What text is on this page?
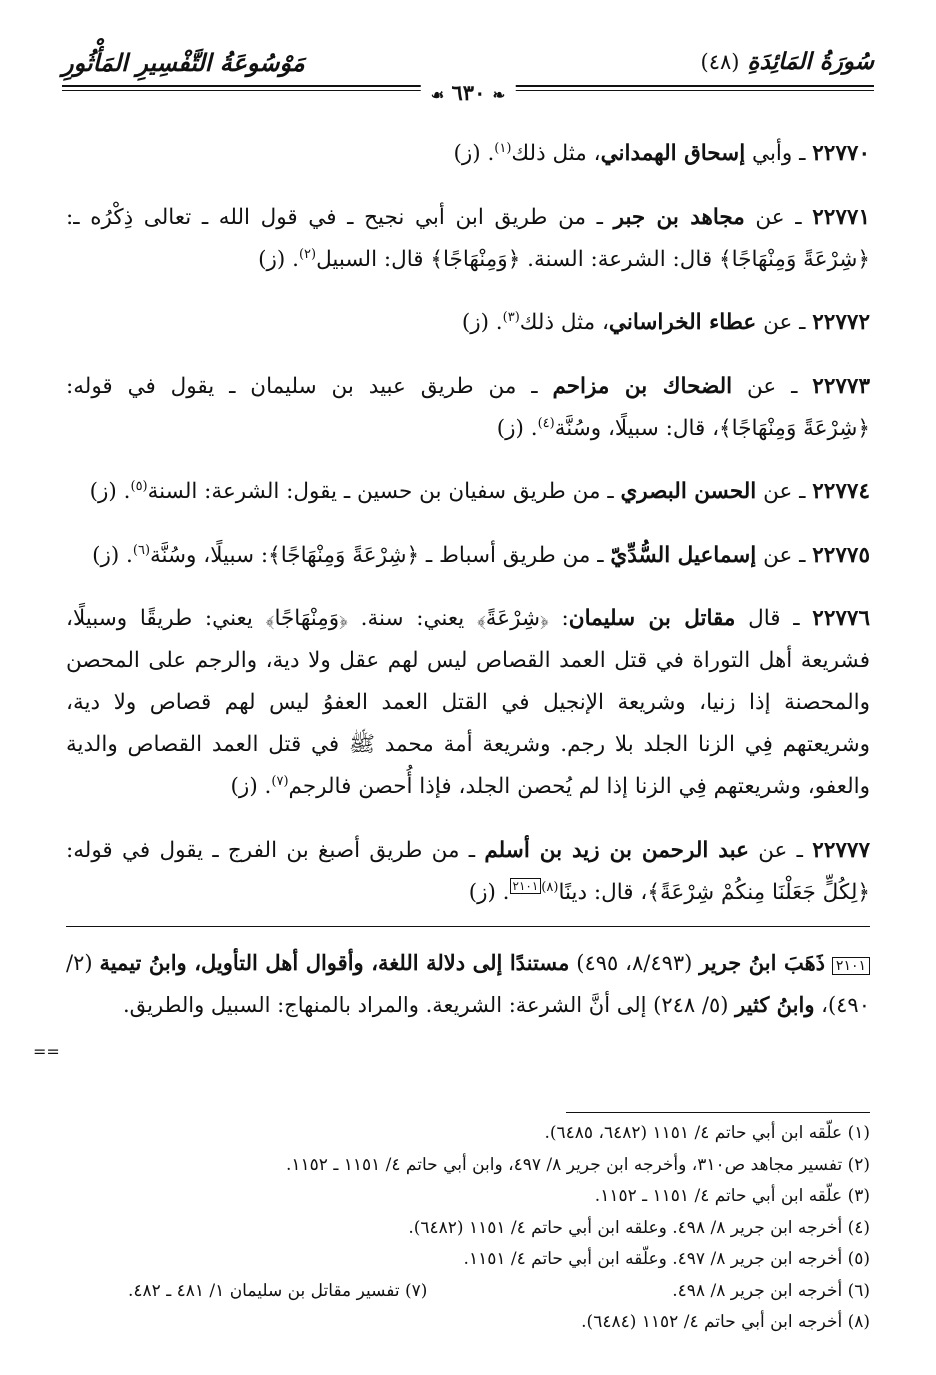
سُورَةُ المَائِدَةِ(٤٨)
مَوْسُوعَةُ التَّفْسِيرِ المَأْثُورِ
❧ ٦٣٠ ☙

٢٢٧٧٠ ـ وأبي إسحاق الهمداني، مثل ذلك$^{(١)}$. (ز)

٢٢٧٧١ ـ عن مجاهد بن جبر ـ من طريق ابن أبي نجيح ـ في قول الله ـ تعالى ذِكْرُه ـ: ﴿شِرْعَةً وَمِنْهَاجًا﴾ قال: الشرعة: السنة. ﴿وَمِنْهَاجًا﴾ قال: السبيل$^{(٢)}$. (ز)

٢٢٧٧٢ ـ عن عطاء الخراساني، مثل ذلك$^{(٣)}$. (ز)

٢٢٧٧٣ ـ عن الضحاك بن مزاحم ـ من طريق عبيد بن سليمان ـ يقول في قوله: ﴿شِرْعَةً وَمِنْهَاجًا﴾، قال: سبيلًا، وسُنَّة$^{(٤)}$. (ز)

٢٢٧٧٤ ـ عن الحسن البصري ـ من طريق سفيان بن حسين ـ يقول: الشرعة: السنة$^{(٥)}$. (ز)

٢٢٧٧٥ ـ عن إسماعيل السُّدِّيّ ـ من طريق أسباط ـ ﴿شِرْعَةً وَمِنْهَاجًا﴾: سبيلًا، وسُنَّة$^{(٦)}$. (ز)

٢٢٧٧٦ ـ قال مقاتل بن سليمان: ﴿شِرْعَةً﴾ يعني: سنة. ﴿وَمِنْهَاجًا﴾ يعني: طريقًا وسبيلًا، فشريعة أهل التوراة في قتل العمد القصاص ليس لهم عقل ولا دية، والرجم على المحصن والمحصنة إذا زنيا، وشريعة الإنجيل في القتل العمد العفوُ ليس لهم قصاص ولا دية، وشريعتهم فِي الزنا الجلد بلا رجم. وشريعة أمة محمد ﷺ في قتل العمد القصاص والدية والعفو، وشريعتهم فِي الزنا إذا لم يُحصن الجلد، فإذا أُحصن فالرجم$^{(٧)}$. (ز)

٢٢٧٧٧ ـ عن عبد الرحمن بن زيد بن أسلم ـ من طريق أصبغ بن الفرج ـ يقول في قوله: ﴿لِكُلٍّ جَعَلْنَا مِنكُمْ شِرْعَةً﴾، قال: دينًا$^{(٨)٢١٠١}$. (ز)

٢١٠١ ذَهَبَ ابنُ جرير (٨/٤٩٣، ٤٩٥) مستندًا إلى دلالة اللغة، وأقوال أهل التأويل، وابنُ تيمية (٢/ ٤٩٠)، وابنُ كثير (٥/ ٢٤٨) إلى أنَّ الشرعة: الشريعة. والمراد بالمنهاج: السبيل والطريق.
==
(١) علّقه ابن أبي حاتم ٤/ ١١٥١ (٦٤٨٢، ٦٤٨٥).
(٢) تفسير مجاهد ص٣١٠، وأخرجه ابن جرير ٨/ ٤٩٧، وابن أبي حاتم ٤/ ١١٥١ ـ ١١٥٢.
(٣) علّقه ابن أبي حاتم ٤/ ١١٥١ ـ ١١٥٢.
(٤) أخرجه ابن جرير ٨/ ٤٩٨. وعلقه ابن أبي حاتم ٤/ ١١٥١ (٦٤٨٢).
(٥) أخرجه ابن جرير ٨/ ٤٩٧. وعلّقه ابن أبي حاتم ٤/ ١١٥١.
(٦) أخرجه ابن جرير ٨/ ٤٩٨.
(٧) تفسير مقاتل بن سليمان ١/ ٤٨١ ـ ٤٨٢.
(٨) أخرجه ابن أبي حاتم ٤/ ١١٥٢ (٦٤٨٤).
